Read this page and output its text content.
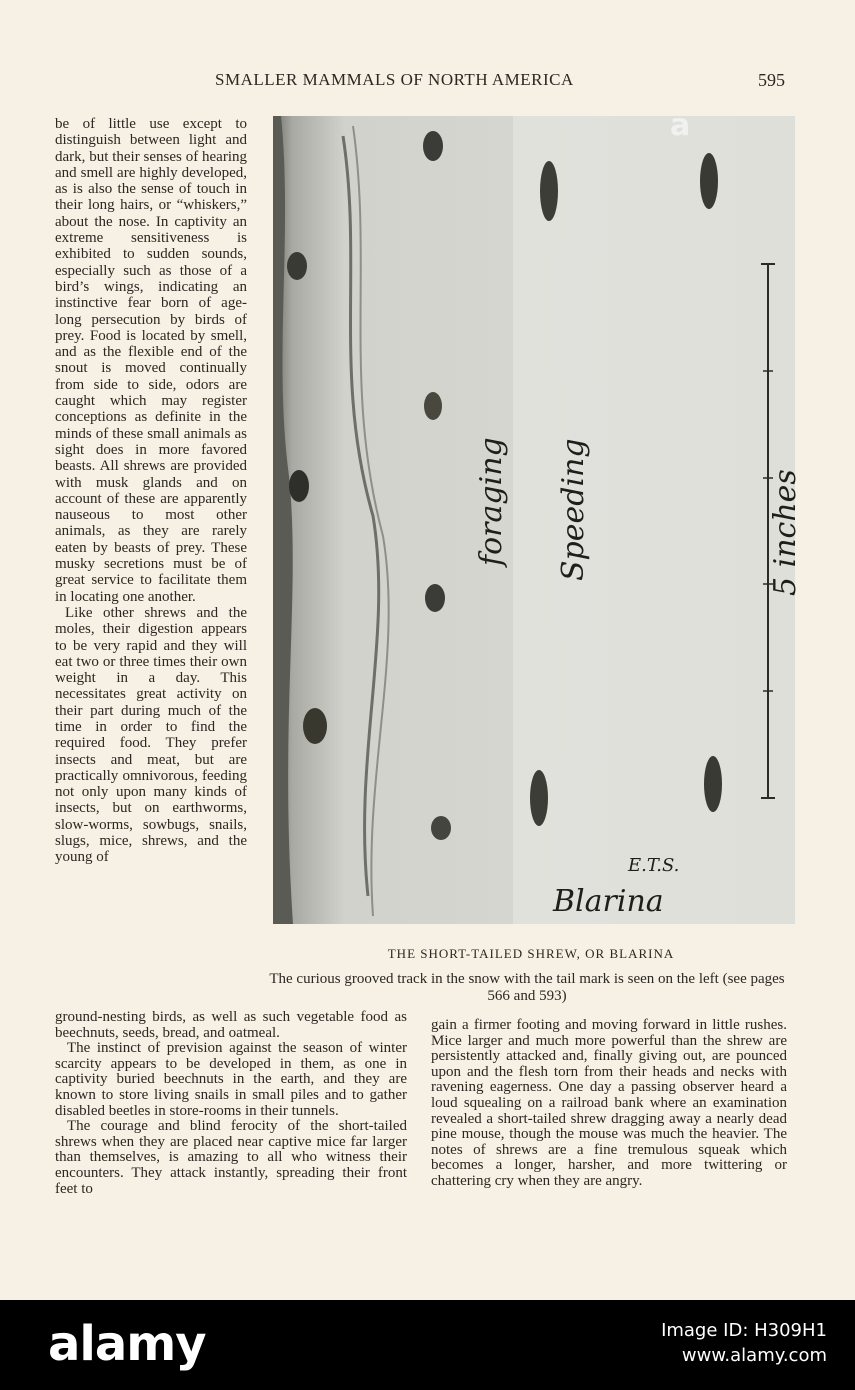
SMALLER MAMMALS OF NORTH AMERICA	595

be of little use except to distinguish between light and dark, but their senses of hearing and smell are highly developed, as is also the sense of touch in their long hairs, or “whiskers,” about the nose. In captivity an extreme sensitiveness is exhibited to sudden sounds, especially such as those of a bird’s wings, indicating an instinctive fear born of age-long persecution by birds of prey. Food is located by smell, and as the flexible end of the snout is moved continually from side to side, odors are caught which may register conceptions as definite in the minds of these small animals as sight does in more favored beasts. All shrews are provided with musk glands and on account of these are apparently nauseous to most other animals, as they are rarely eaten by beasts of prey. These musky secretions must be of great service to facilitate them in locating one another.

Like other shrews and the moles, their digestion appears to be very rapid and they will eat two or three times their own weight in a day. This necessitates great activity on their part during much of the time in order to find the required food. They prefer insects and meat, but are practically omnivorous, feeding not only upon many kinds of insects, but on earthworms, slow-worms, sowbugs, snails, slugs, mice, shrews, and the young of

foraging Speeding	5 inches
E.T.S.
Blarina
THE SHORT-TAILED SHREW, OR BLARINA
The curious grooved track in the snow with the tail mark is seen on the left (see pages 566 and 593)

ground-nesting birds, as well as such vegetable food as beechnuts, seeds, bread, and oatmeal.

The instinct of prevision against the season of winter scarcity appears to be developed in them, as one in captivity buried beechnuts in the earth, and they are known to store living snails in small piles and to gather disabled beetles in store-rooms in their tunnels.

The courage and blind ferocity of the short-tailed shrews when they are placed near captive mice far larger than themselves, is amazing to all who witness their encounters. They attack instantly, spreading their front feet to

gain a firmer footing and moving forward in little rushes. Mice larger and much more powerful than the shrew are persistently attacked and, finally giving out, are pounced upon and the flesh torn from their heads and necks with ravening eagerness. One day a passing observer heard a loud squealing on a railroad bank where an examination revealed a short-tailed shrew dragging away a nearly dead pine mouse, though the mouse was much the heavier. The notes of shrews are a fine tremulous squeak which becomes a longer, harsher, and more twittering or chattering cry when they are angry.

a
alamy	Image ID: H309H1
www.alamy.com
